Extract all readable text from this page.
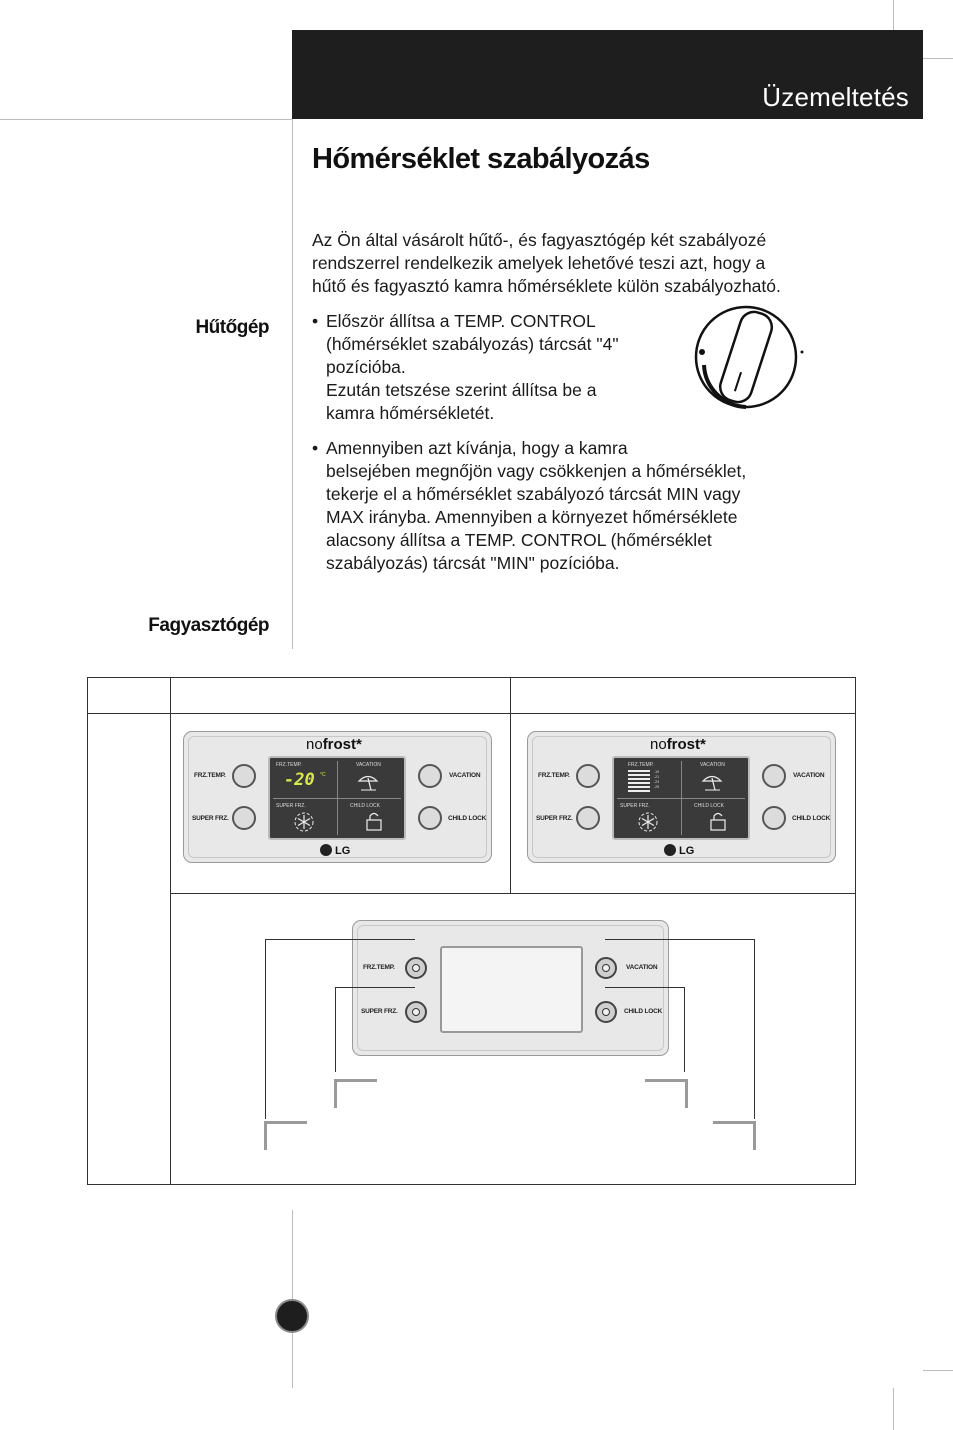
Üzemeltetés
Hőmérséklet szabályozás
Az Ön által vásárolt hűtő-, és fagyasztógép két szabályozé
rendszerrel rendelkezik amelyek lehetővé teszi azt, hogy a
hűtő és fagyasztó kamra hőmérséklete külön szabályozható.
Hűtőgép
Fagyasztógép
• Először állítsa a TEMP. CONTROL
(hőmérséklet szabályozás) tárcsát "4"
pozícióba.
Ezután tetszése szerint állítsa be a
kamra hőmérsékletét.
• Amennyiben azt kívánja, hogy a kamra
belsejében megnőjön vagy csökkenjen a hőmérséklet,
tekerje el a hőmérséklet szabályozó tárcsát MIN vagy
MAX irányba. Amennyiben a környezet hőmérséklete
alacsony állítsa a TEMP. CONTROL (hőmérséklet
szabályozás) tárcsát "MIN" pozícióba.
nofrost*
FRZ.TEMP.
SUPER FRZ.
VACATION
CHILD LOCK
FRZ.TEMP.	VACATION
SUPER FRZ.	CHILD LOCK
-20 °C
LG
nofrost*
FRZ.TEMP.
SUPER FRZ.
VACATION
CHILD LOCK
FRZ.TEMP.	VACATION
SUPER FRZ.	CHILD LOCK
-19
-21
-23
-25
LG
FRZ.TEMP.
SUPER FRZ.
VACATION
CHILD LOCK
